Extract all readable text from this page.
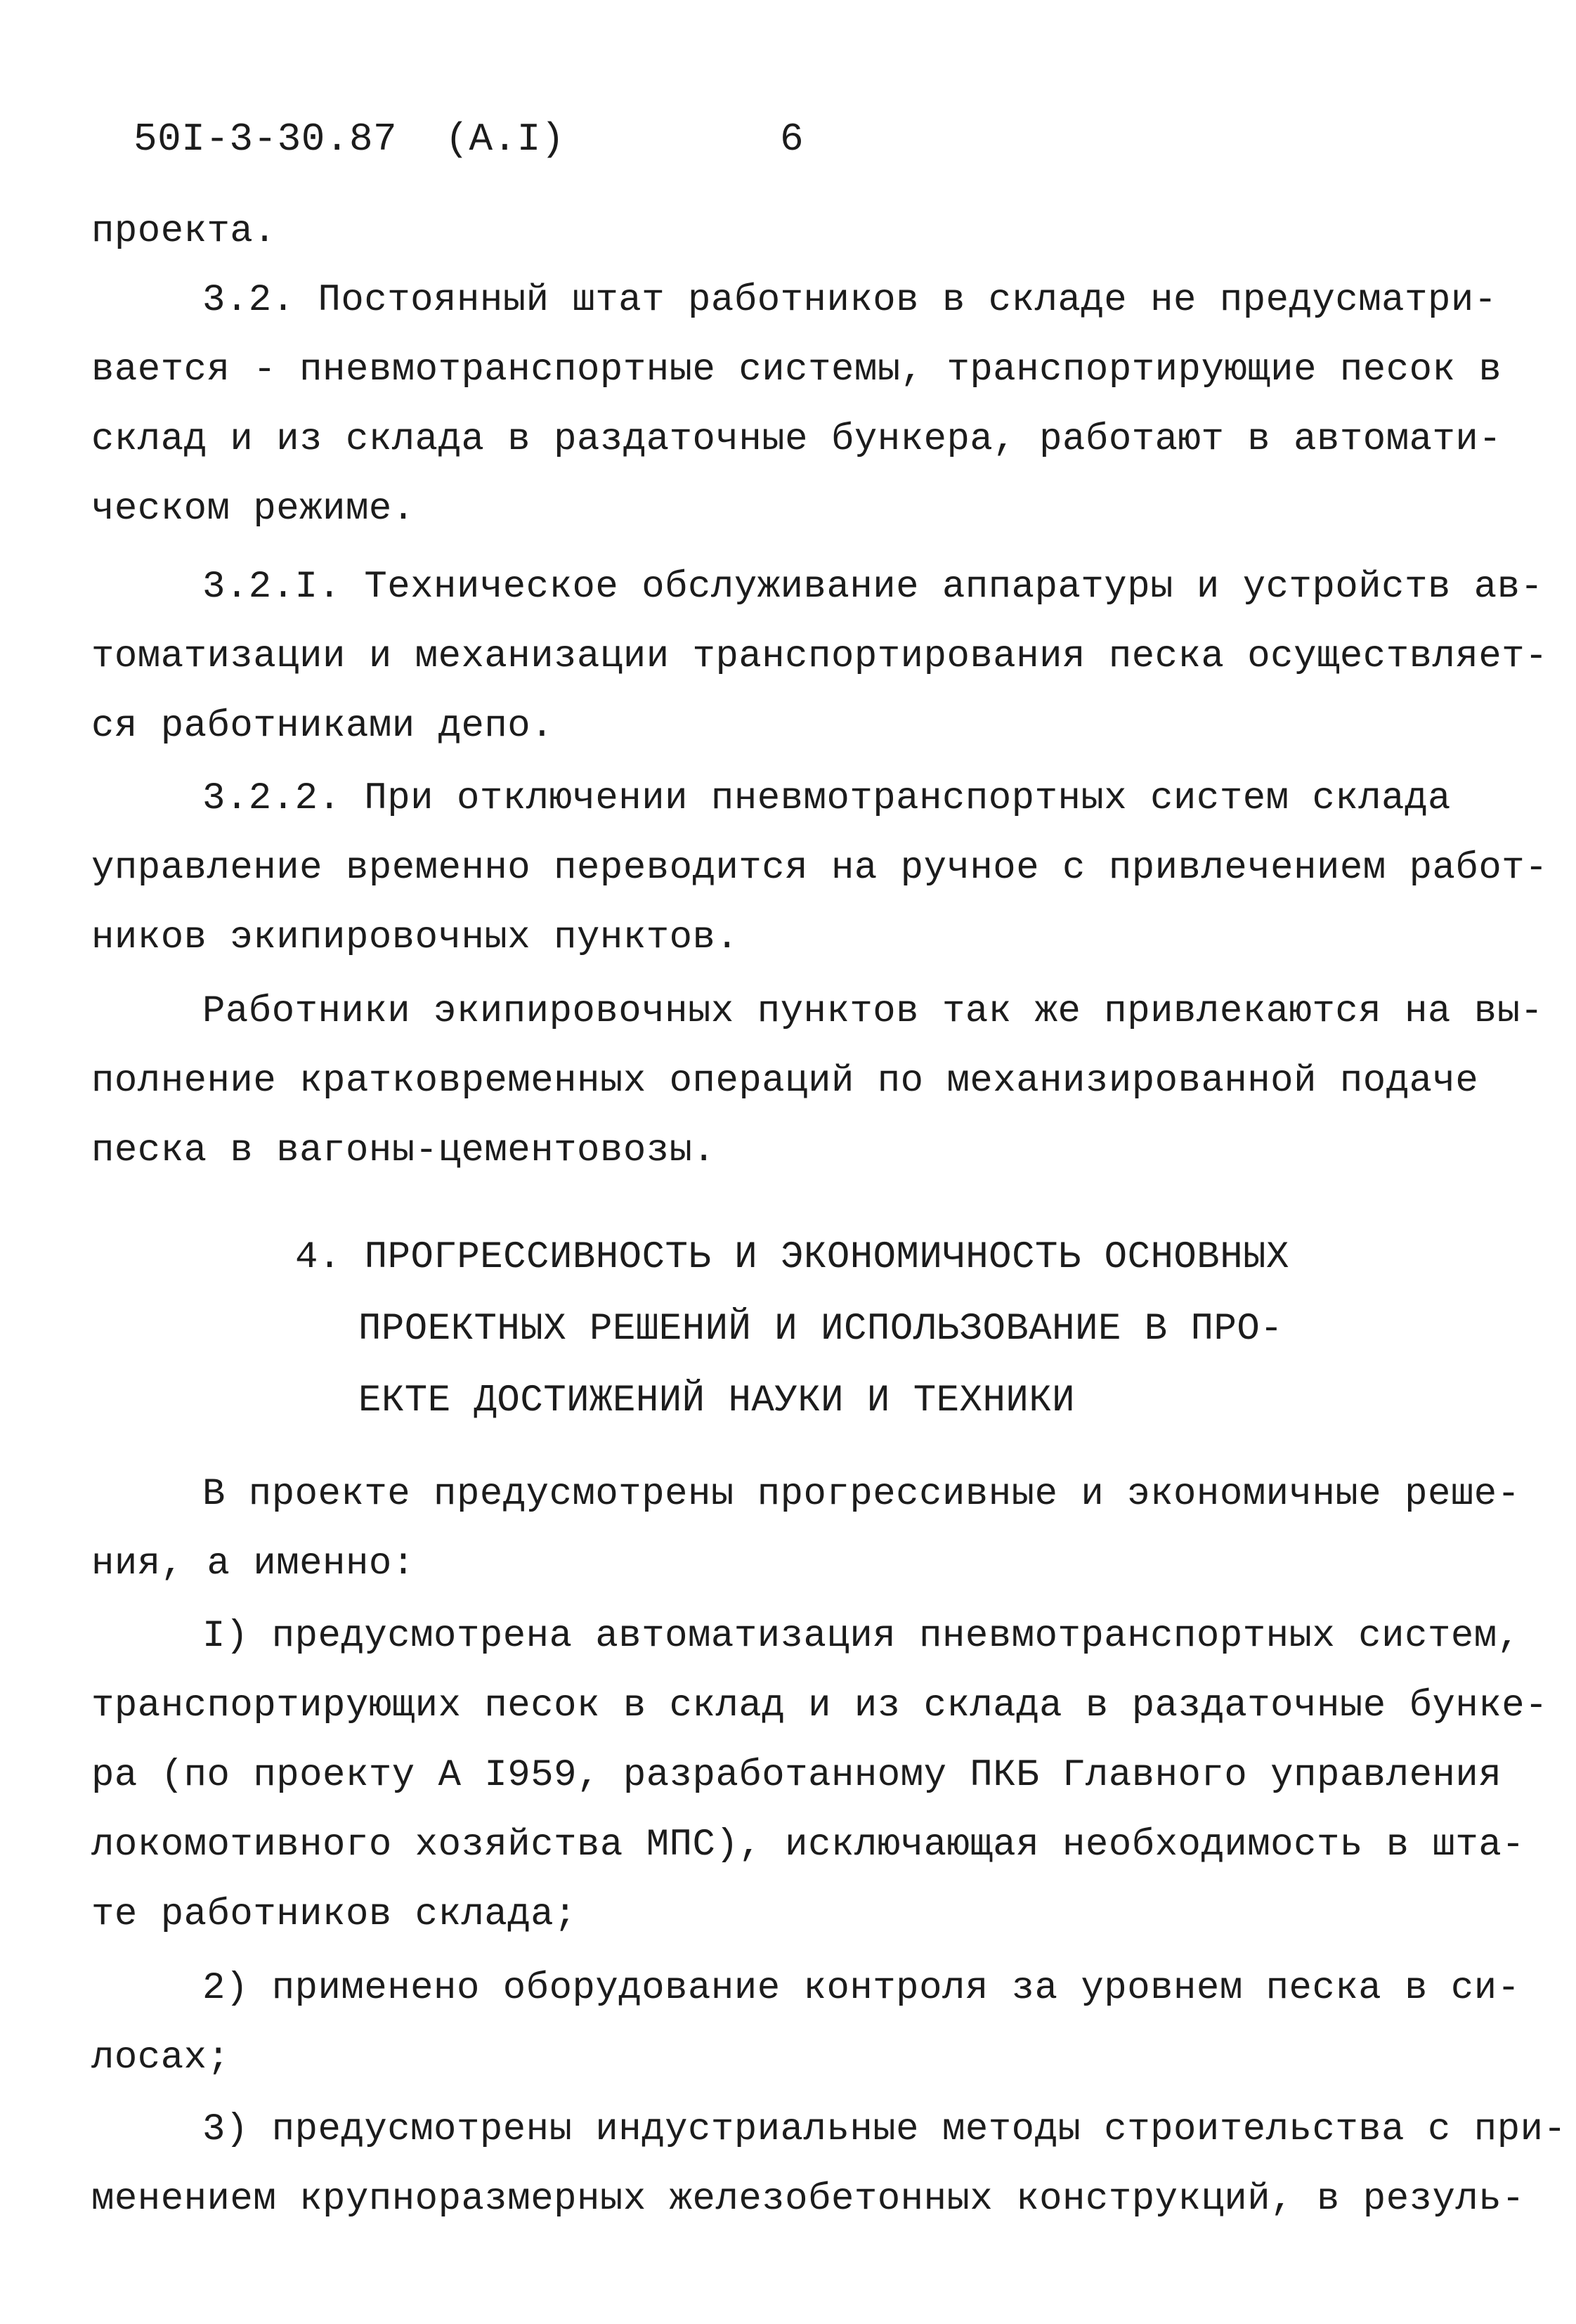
50I-3-30.87  (А.I)	6
проекта.
3.2. Постоянный штат работников в складе не предусматри-
вается - пневмотранспортные системы, транспортирующие песок в
склад и из склада в раздаточные бункера, работают в автомати-
ческом режиме.
3.2.I. Техническое обслуживание аппаратуры и устройств ав-
томатизации и механизации транспортирования песка осуществляет-
ся работниками депо.
3.2.2. При отключении пневмотранспортных систем склада
управление временно переводится на ручное с привлечением работ-
ников экипировочных пунктов.
Работники экипировочных пунктов так же привлекаются на вы-
полнение кратковременных операций по механизированной подаче
песка в вагоны-цементовозы.
4. ПРОГРЕССИВНОСТЬ И ЭКОНОМИЧНОСТЬ ОСНОВНЫХ
ПРОЕКТНЫХ РЕШЕНИЙ И ИСПОЛЬЗОВАНИЕ В ПРО-
ЕКТЕ ДОСТИЖЕНИЙ НАУКИ И ТЕХНИКИ
В проекте предусмотрены прогрессивные и экономичные реше-
ния, а именно:
I) предусмотрена автоматизация пневмотранспортных систем,
транспортирующих песок в склад и из склада в раздаточные бунке-
ра (по проекту А I959, разработанному ПКБ Главного управления
локомотивного хозяйства МПС), исключающая необходимость в шта-
те работников склада;
2) применено оборудование контроля за уровнем песка в си-
лосах;
3) предусмотрены индустриальные методы строительства с при-
менением крупноразмерных железобетонных конструкций, в резуль-
